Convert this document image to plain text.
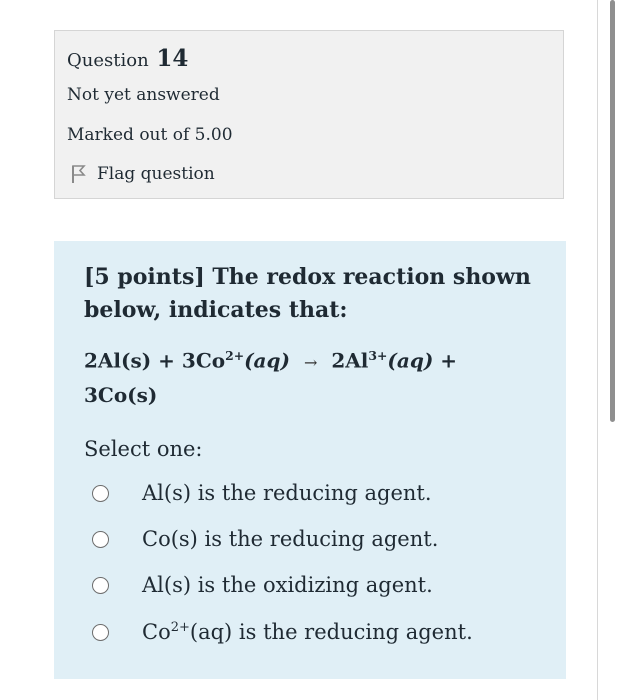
Question 14
Not yet answered
Marked out of 5.00
Flag question
[5 points] The redox reaction shown below, indicates that:
$2Al(s) + 3Co^{2+}(aq) \to 2Al^{3+}(aq)$ +
3Co(s)
Select one:
Al(s) is the reducing agent.
Co(s) is the reducing agent.
Al(s) is the oxidizing agent.
$Co^{2+}(aq)$ is the reducing agent.
